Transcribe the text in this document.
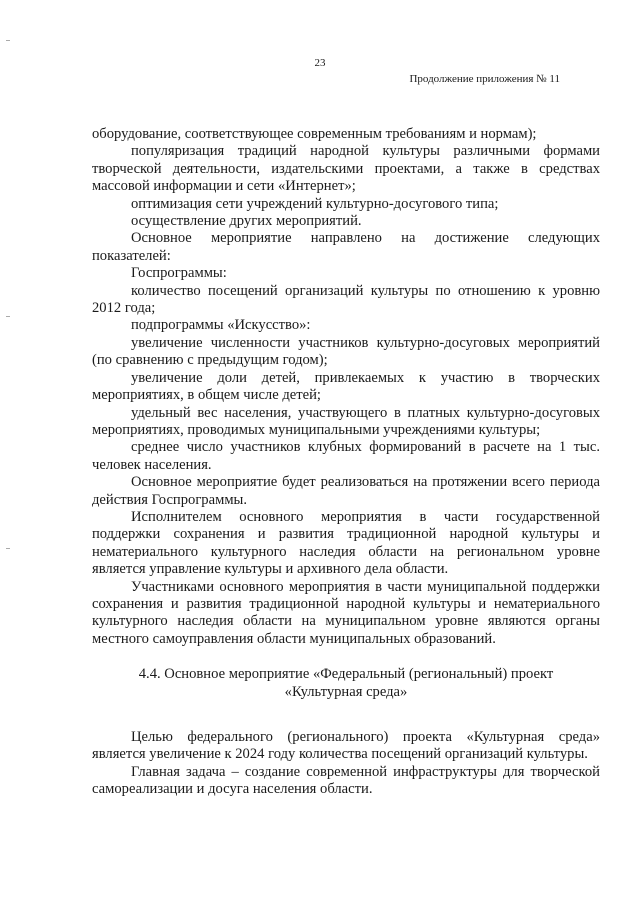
23
Продолжение приложения № 11

оборудование, соответствующее современным требованиям и нормам);

популяризация традиций народной культуры различными формами творческой деятельности, издательскими проектами, а также в средствах массовой информации и сети «Интернет»;

оптимизация сети учреждений культурно-досугового типа;

осуществление других мероприятий.

Основное мероприятие направлено на достижение следующих показателей:

Госпрограммы:

количество посещений организаций культуры по отношению к уровню 2012 года;

подпрограммы «Искусство»:

увеличение численности участников культурно-досуговых мероприятий (по сравнению с предыдущим годом);

увеличение доли детей, привлекаемых к участию в творческих мероприятиях, в общем числе детей;

удельный вес населения, участвующего в платных культурно-досуговых мероприятиях, проводимых муниципальными учреждениями культуры;

среднее число участников клубных формирований в расчете на 1 тыс. человек населения.

Основное мероприятие будет реализоваться на протяжении всего периода действия Госпрограммы.

Исполнителем основного мероприятия в части государственной поддержки сохранения и развития традиционной народной культуры и нематериального культурного наследия области на региональном уровне является управление культуры и архивного дела области.

Участниками основного мероприятия в части муниципальной поддержки сохранения и развития традиционной народной культуры и нематериального культурного наследия области на муниципальном уровне являются органы местного самоуправления области муниципальных образований.

4.4. Основное мероприятие «Федеральный (региональный) проект
«Культурная среда»

Целью федерального (регионального) проекта «Культурная среда» является увеличение к 2024 году количества посещений организаций культуры.

Главная задача – создание современной инфраструктуры для творческой самореализации и досуга населения области.
